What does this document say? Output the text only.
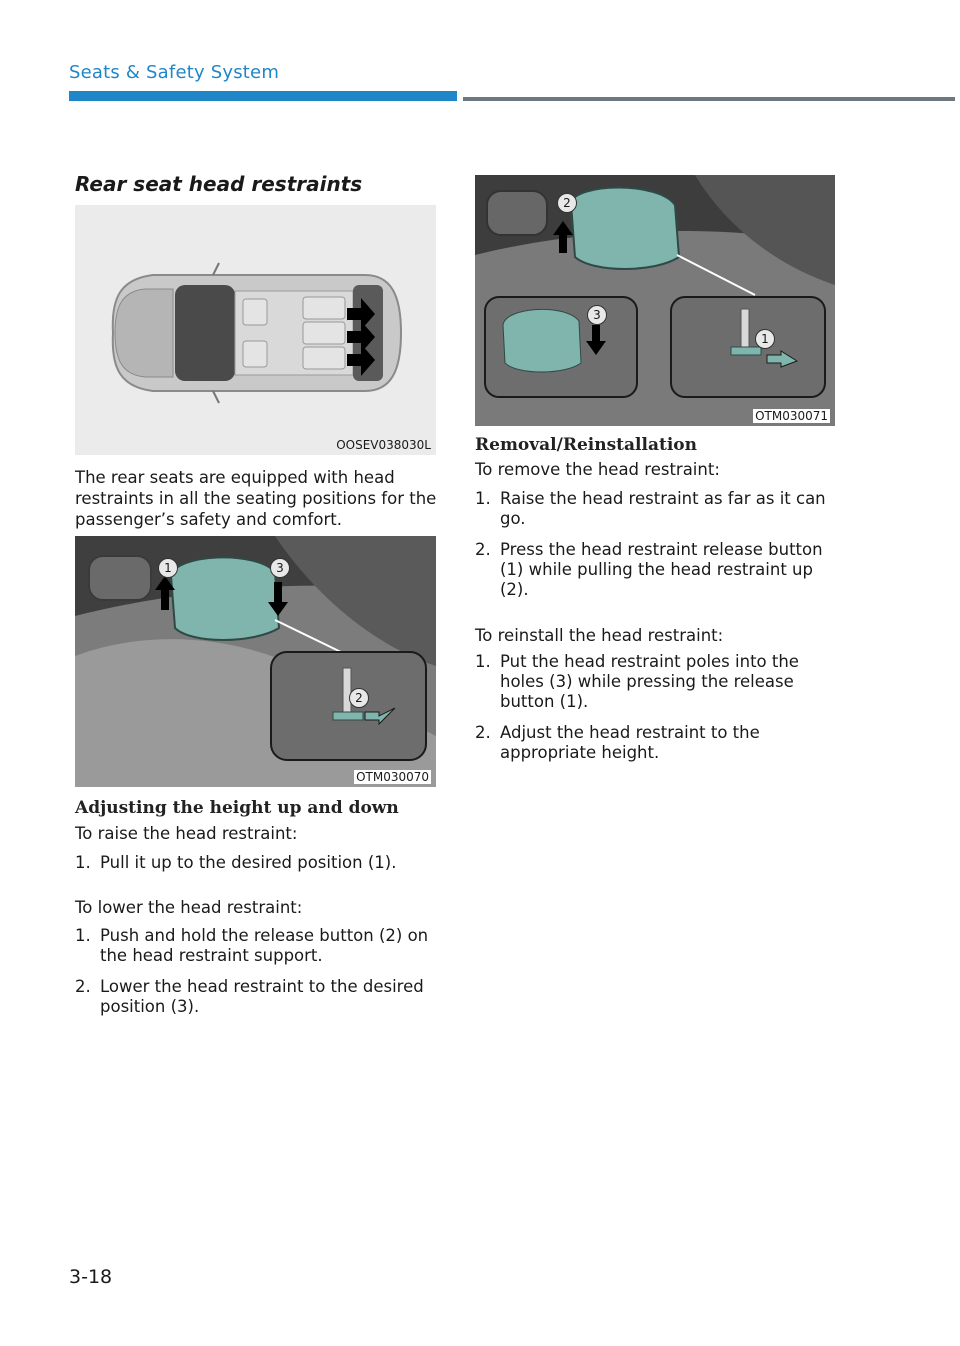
Seats & Safety System
Rear seat head restraints
OOSEV038030L
The rear seats are equipped with head restraints in all the seating positions for the passenger’s safety and comfort.
1	3
2
OTM030070
Adjusting the height up and down
To raise the head restraint:
1. Pull it up to the desired position (1).
To lower the head restraint:
1. Push and hold the release button (2) on the head restraint support.
2. Lower the head restraint to the desired position (3).
2
3
1
OTM030071
Removal/Reinstallation
To remove the head restraint:
1. Raise the head restraint as far as it can go.
2. Press the head restraint release button (1) while pulling the head restraint up (2).
To reinstall the head restraint:
1. Put the head restraint poles into the holes (3) while pressing the release button (1).
2. Adjust the head restraint to the appropriate height.
3-18
